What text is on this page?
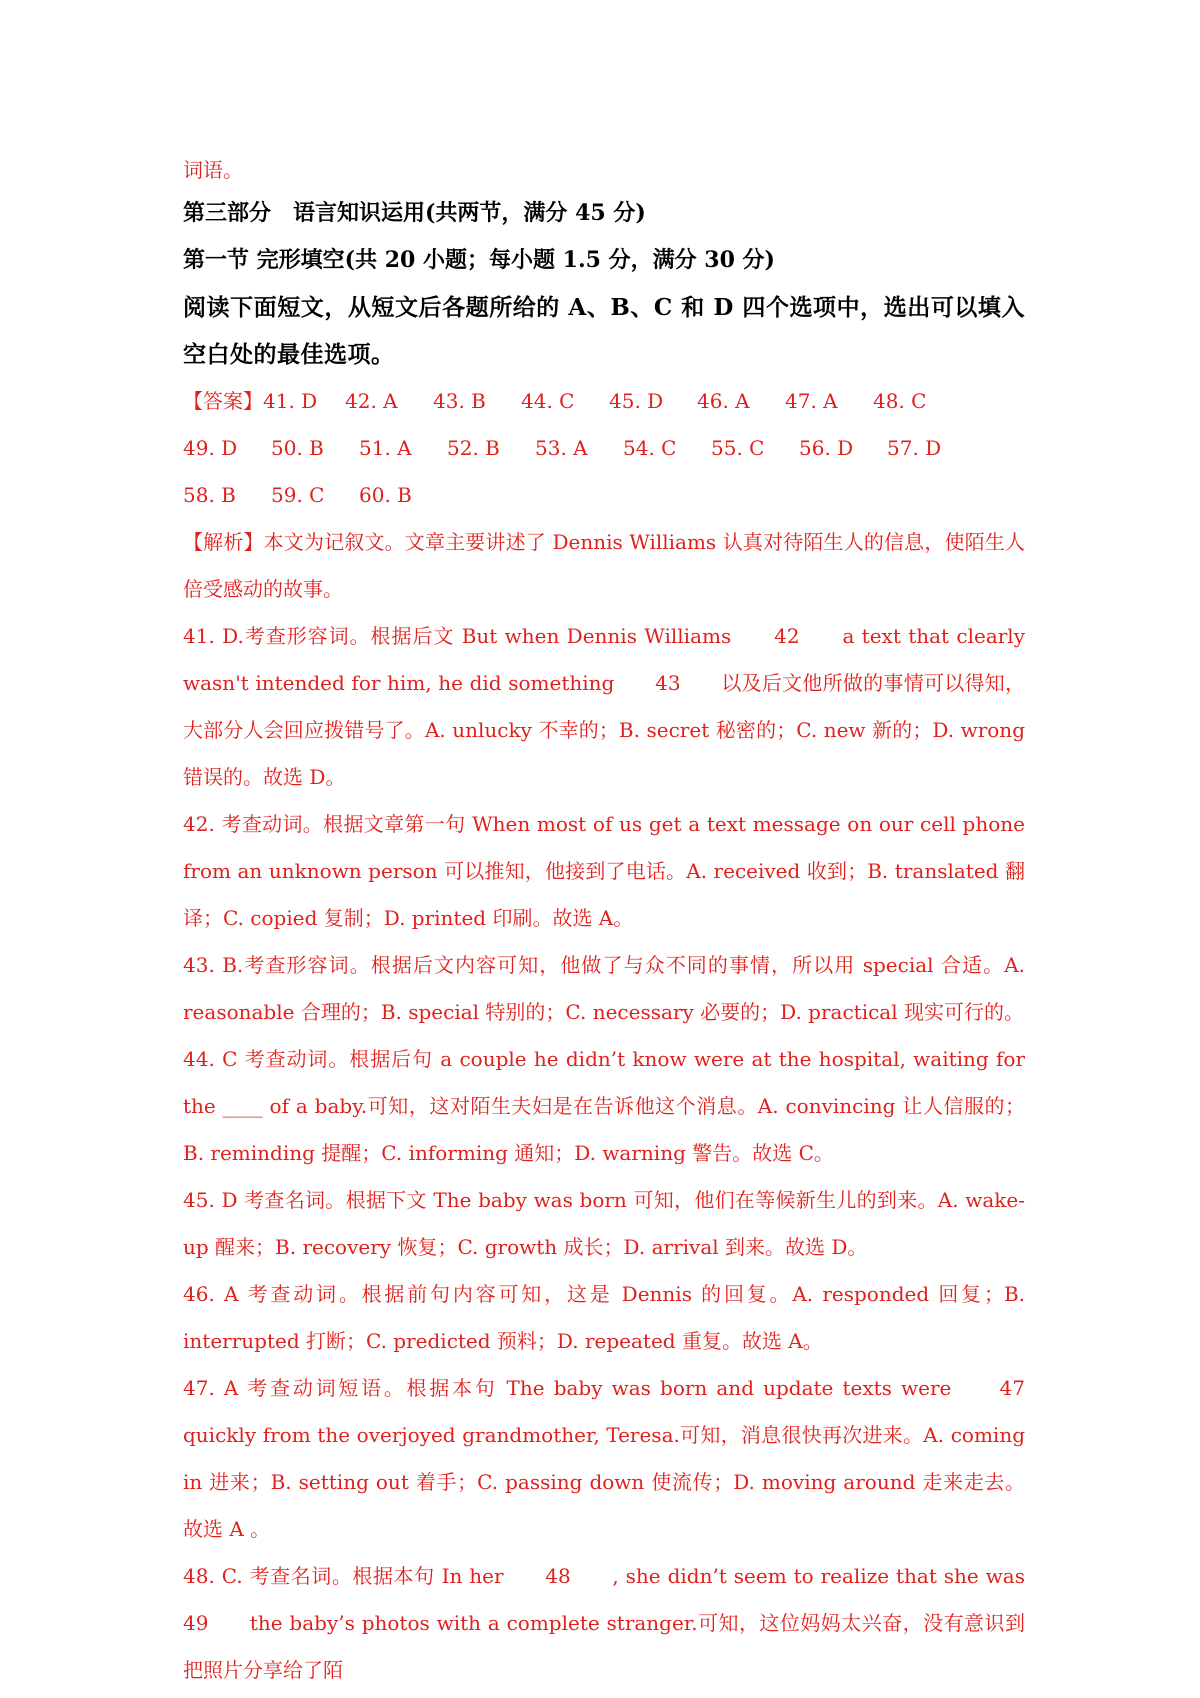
词语。

第三部分　语言知识运用(共两节，满分 45 分)

第一节 完形填空(共 20 小题；每小题 1.5 分，满分 30 分)

阅读下面短文，从短文后各题所给的 A、B、C 和 D 四个选项中，选出可以填入空白处的最佳选项。

【答案】 41. D	42. A	43. B	44. C	45. D	46. A	47. A	48. C
49. D	50. B	51. A	52. B	53. A	54. C	55. C	56. D	57. D
58. B	59. C	60. B

【解析】本文为记叙文。文章主要讲述了 Dennis Williams 认真对待陌生人的信息，使陌生人倍受感动的故事。

41. D.考查形容词。根据后文 But when Dennis Williams　　42　　a text that clearly wasn't intended for him, he did something　　43　　以及后文他所做的事情可以得知，大部分人会回应拨错号了。A. unlucky 不幸的；B. secret 秘密的；C. new 新的；D. wrong 错误的。故选 D。

42. 考查动词。根据文章第一句 When most of us get a text message on our cell phone from an unknown person 可以推知，他接到了电话。A. received 收到；B. translated 翻译；C. copied 复制；D. printed 印刷。故选 A。

43. B.考查形容词。根据后文内容可知，他做了与众不同的事情，所以用 special 合适。A. reasonable 合理的；B. special 特别的；C. necessary 必要的；D. practical 现实可行的。

44. C 考查动词。根据后句 a couple he didn’t know were at the hospital, waiting for the ____ of a baby.可知，这对陌生夫妇是在告诉他这个消息。A. convincing 让人信服的；B. reminding 提醒；C. informing 通知；D. warning 警告。故选 C。

45. D 考查名词。根据下文 The baby was born 可知，他们在等候新生儿的到来。A. wake-up 醒来；B. recovery 恢复；C. growth 成长；D. arrival 到来。故选 D。

46. A 考查动词。根据前句内容可知，这是 Dennis 的回复。A. responded 回复；B. interrupted 打断；C. predicted 预料；D. repeated 重复。故选 A。

47. A 考查动词短语。根据本句 The baby was born and update texts were　　47　　quickly from the overjoyed grandmother, Teresa.可知，消息很快再次进来。A. coming in 进来；B. setting out 着手；C. passing down 使流传；D. moving around 走来走去。故选 A 。

48. C. 考查名词。根据本句 In her　　48　　, she didn’t seem to realize that she was　　49　　the baby’s photos with a complete stranger.可知，这位妈妈太兴奋，没有意识到把照片分享给了陌
